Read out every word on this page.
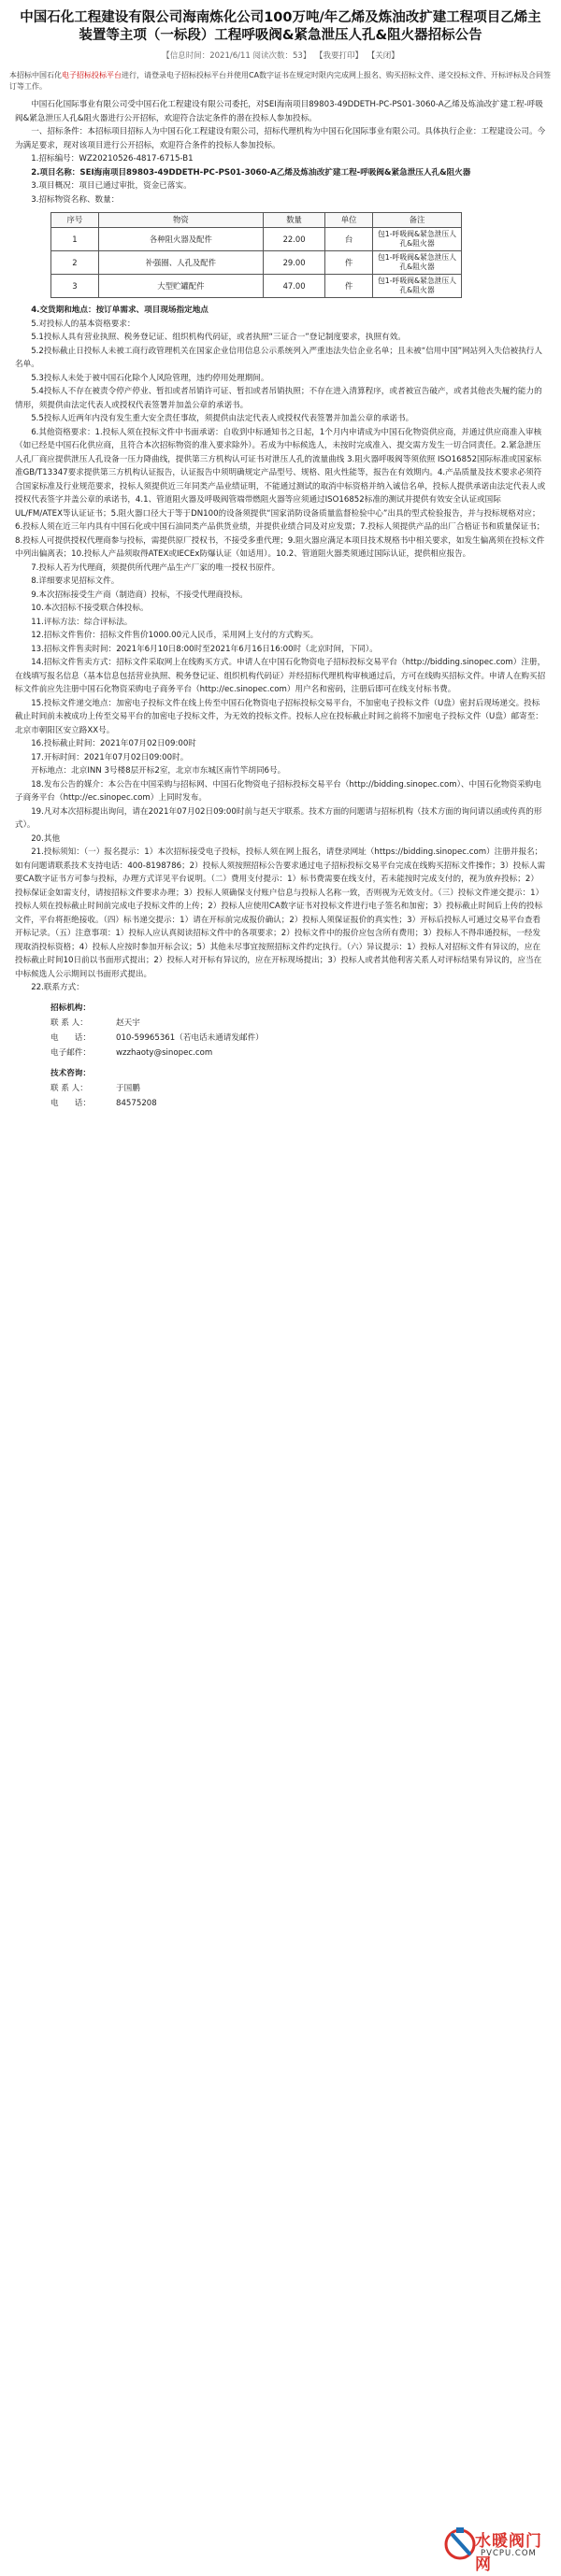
中国石化工程建设有限公司海南炼化公司100万吨/年乙烯及炼油改扩建工程项目乙烯主装置等主项（一标段）工程呼吸阀&紧急泄压人孔&阻火器招标公告
【信息时间：2021/6/11 阅读次数：53】 【我要打印】 【关闭】
本招标中国石化电子招标投标平台进行，请登录电子招标投标平台并使用CA数字证书在规定时限内完成网上报名、购买招标文件、递交投标文件、开标评标及合同签订等工作。

中国石化国际事业有限公司受中国石化工程建设有限公司委托，对SEI海南项目89803-49DDETH-PC-PS01-3060-A乙烯及炼油改扩建工程-呼吸阀&紧急泄压人孔&阻火器进行公开招标，欢迎符合法定条件的潜在投标人参加投标。

一、招标条件：本招标项目招标人为中国石化工程建设有限公司，招标代理机构为中国石化国际事业有限公司。具体执行企业：工程建设公司。今为满足要求，现对该项目进行公开招标，欢迎符合条件的投标人参加投标。

1.招标编号：WZ20210526-4817-6715-B1

2.项目名称：SEI海南项目89803-49DDETH-PC-PS01-3060-A乙烯及炼油改扩建工程-呼吸阀&紧急泄压人孔&阻火器

3.项目概况：项目已通过审批，资金已落实。

3.招标物资名称、数量：

序号	物资	数量	单位	备注
1	各种阻火器及配件	22.00	台	包1-呼吸阀&紧急泄压人孔&阻火器
2	补强圈、人孔及配件	29.00	件	包1-呼吸阀&紧急泄压人孔&阻火器
3	大型贮罐配件	47.00	件	包1-呼吸阀&紧急泄压人孔&阻火器

4.交货期和地点：按订单需求、项目现场指定地点

5.对投标人的基本资格要求：

5.1投标人具有营业执照、税务登记证、组织机构代码证，或者执照“三证合一”登记制度要求，执照有效。

5.2投标截止日投标人未被工商行政管理机关在国家企业信用信息公示系统列入严重违法失信企业名单；且未被“信用中国”网站列入失信被执行人名单。

5.3投标人未处于被中国石化除个人风险管理，违约停用处理期间。

5.4投标人不存在被责令停产停业、暂扣或者吊销许可证、暂扣或者吊销执照；不存在进入清算程序，或者被宣告破产，或者其他丧失履约能力的情形，须提供由法定代表人或授权代表签署并加盖公章的承诺书。

5.5投标人近两年内没有发生重大安全责任事故，须提供由法定代表人或授权代表签署并加盖公章的承诺书。

6.其他资格要求：1.投标人须在投标文件中书面承诺：自收到中标通知书之日起，1个月内申请成为中国石化物资供应商，并通过供应商准入审核（如已经是中国石化供应商，且符合本次招标物资的准入要求除外）。若成为中标候选人，未按时完成准入、提交需方发生一切合同责任。2.紧急泄压人孔厂商应提供泄压人孔设备一压力降曲线，提供第三方机构认可证书对泄压人孔的流量曲线 3.阻火器呼吸阀等须依照 ISO16852国际标准或国家标准GB/T13347要求提供第三方机构认证报告，认证报告中须明确规定产品型号、规格、阻火性能等，报告在有效期内。4.产品质量及技术要求必须符合国家标准及行业规范要求，投标人须提供近三年同类产品业绩证明，不能通过测试的取消中标资格并纳入诚信名单，投标人提供承诺由法定代表人或授权代表签字并盖公章的承诺书，4.1、管道阻火器及呼吸阀管端带燃阻火器等应须通过ISO16852标准的测试并提供有效安全认证或国际UL/FM/ATEX等认证证书；5.阻火器口径大于等于DN100的设备须提供“国家消防设备质量监督检验中心”出具的型式检验报告，并与投标规格对应；6.投标人须在近三年内具有中国石化或中国石油同类产品供货业绩，并提供业绩合同及对应发票；7.投标人须提供产品的出厂合格证书和质量保证书；8.投标人可提供授权代理商参与投标，需提供原厂授权书，不接受多重代理；9.阻火器应满足本项目技术规格书中相关要求，如发生偏离须在投标文件中列出偏离表；10.投标人产品须取得ATEX或IECEx防爆认证（如适用）。10.2、管道阻火器类须通过国际认证，提供相应报告。

7.投标人若为代理商，须提供所代理产品生产厂家的唯一授权书原件。

8.详细要求见招标文件。

9.本次招标接受生产商（制造商）投标，不接受代理商投标。

10.本次招标不接受联合体投标。

11.评标方法：综合评标法。

12.招标文件售价：招标文件售价1000.00元人民币，采用网上支付的方式购买。

13.招标文件售卖时间：2021年6月10日8:00时至2021年6月16日16:00时（北京时间，下同）。

14.招标文件售卖方式：招标文件采取网上在线购买方式。申请人在中国石化物资电子招标投标交易平台（http://bidding.sinopec.com）注册，在线填写报名信息（基本信息包括营业执照、税务登记证、组织机构代码证）并经招标代理机构审核通过后，方可在线购买招标文件。申请人在购买招标文件前应先注册中国石化物资采购电子商务平台（http://ec.sinopec.com）用户名和密码，注册后即可在线支付标书费。

15.投标文件递交地点：加密电子投标文件在线上传至中国石化物资电子招标投标交易平台，不加密电子投标文件（U盘）密封后现场递交。投标截止时间前未被成功上传至交易平台的加密电子投标文件，为无效的投标文件。投标人应在投标截止时间之前将不加密电子投标文件（U盘）邮寄至：北京市朝阳区安立路XX号。

16.投标截止时间：2021年07月02日09:00时

17.开标时间：2021年07月02日09:00时。

开标地点：北京INN 3号楼8层开标2室，北京市东城区南竹竿胡同6号。

18.发布公告的媒介：本公告在中国采购与招标网、中国石化物资电子招标投标交易平台（http://bidding.sinopec.com）、中国石化物资采购电子商务平台（http://ec.sinopec.com）上同时发布。

19.凡对本次招标提出询问，请在2021年07月02日09:00时前与赵天宇联系。技术方面的问题请与招标机构（技术方面的询问请以函或传真的形式）。

20.其他

21.投标须知：（一）报名提示：1）本次招标接受电子投标，投标人须在网上报名，请登录网址（https://bidding.sinopec.com）注册并报名；如有问题请联系技术支持电话：400-8198786；2）投标人须按照招标公告要求通过电子招标投标交易平台完成在线购买招标文件操作；3）投标人需要CA数字证书方可参与投标，办理方式详见平台说明。（二）费用支付提示：1）标书费需要在线支付，若未能按时完成支付的，视为放弃投标；2）投标保证金如需支付，请按招标文件要求办理；3）投标人须确保支付账户信息与投标人名称一致，否则视为无效支付。（三）投标文件递交提示：1）投标人须在投标截止时间前完成电子投标文件的上传；2）投标人应使用CA数字证书对投标文件进行电子签名和加密；3）投标截止时间后上传的投标文件，平台将拒绝接收。（四）标书递交提示：1）请在开标前完成报价确认；2）投标人须保证报价的真实性；3）开标后投标人可通过交易平台查看开标记录。（五）注意事项：1）投标人应认真阅读招标文件中的各项要求；2）投标文件中的报价应包含所有费用；3）投标人不得串通投标，一经发现取消投标资格；4）投标人应按时参加开标会议；5）其他未尽事宜按照招标文件约定执行。（六）异议提示：1）投标人对招标文件有异议的，应在投标截止时间10日前以书面形式提出；2）投标人对开标有异议的，应在开标现场提出；3）投标人或者其他利害关系人对评标结果有异议的，应当在中标候选人公示期间以书面形式提出。

22.联系方式：

招标机构：
联 系 人：	赵天宇
电　　话：	010-59965361（若电话未通请发邮件）
电子邮件：	wzzhaoty@sinopec.com
技术咨询：
联 系 人：	于国鹏
电　　话：	84575208
水暖阀门网
PVCPU.COM
